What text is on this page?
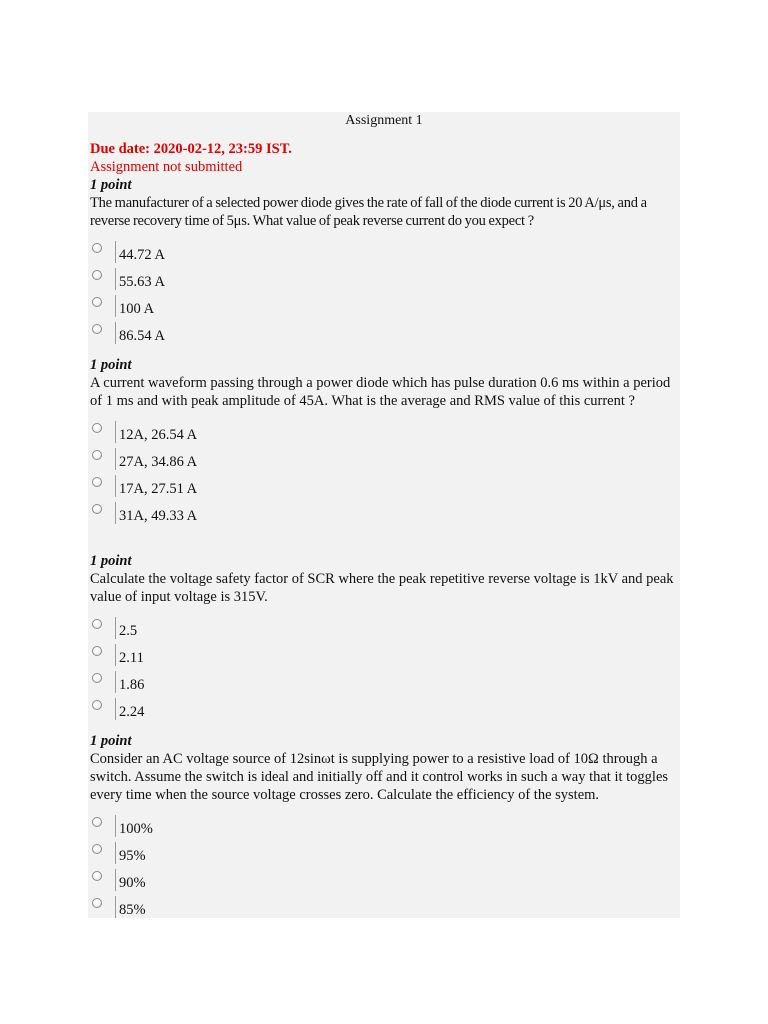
Assignment 1
Due date: 2020-02-12, 23:59 IST.
Assignment not submitted
1 point
The manufacturer of a selected power diode gives the rate of fall of the diode current is 20 A/μs, and a reverse recovery time of 5μs. What value of peak reverse current do you expect ?
44.72 A
55.63 A
100 A
86.54 A
1 point
A current waveform passing through a power diode which has pulse duration 0.6 ms within a period of 1 ms and with peak amplitude of 45A. What is the average and RMS value of this current ?
12A, 26.54 A
27A, 34.86 A
17A, 27.51 A
31A, 49.33 A
1 point
Calculate the voltage safety factor of SCR where the peak repetitive reverse voltage is 1kV and peak value of input voltage is 315V.
2.5
2.11
1.86
2.24
1 point
Consider an AC voltage source of 12sinωt is supplying power to a resistive load of 10Ω through a switch. Assume the switch is ideal and initially off and it control works in such a way that it toggles every time when the source voltage crosses zero. Calculate the efficiency of the system.
100%
95%
90%
85%
